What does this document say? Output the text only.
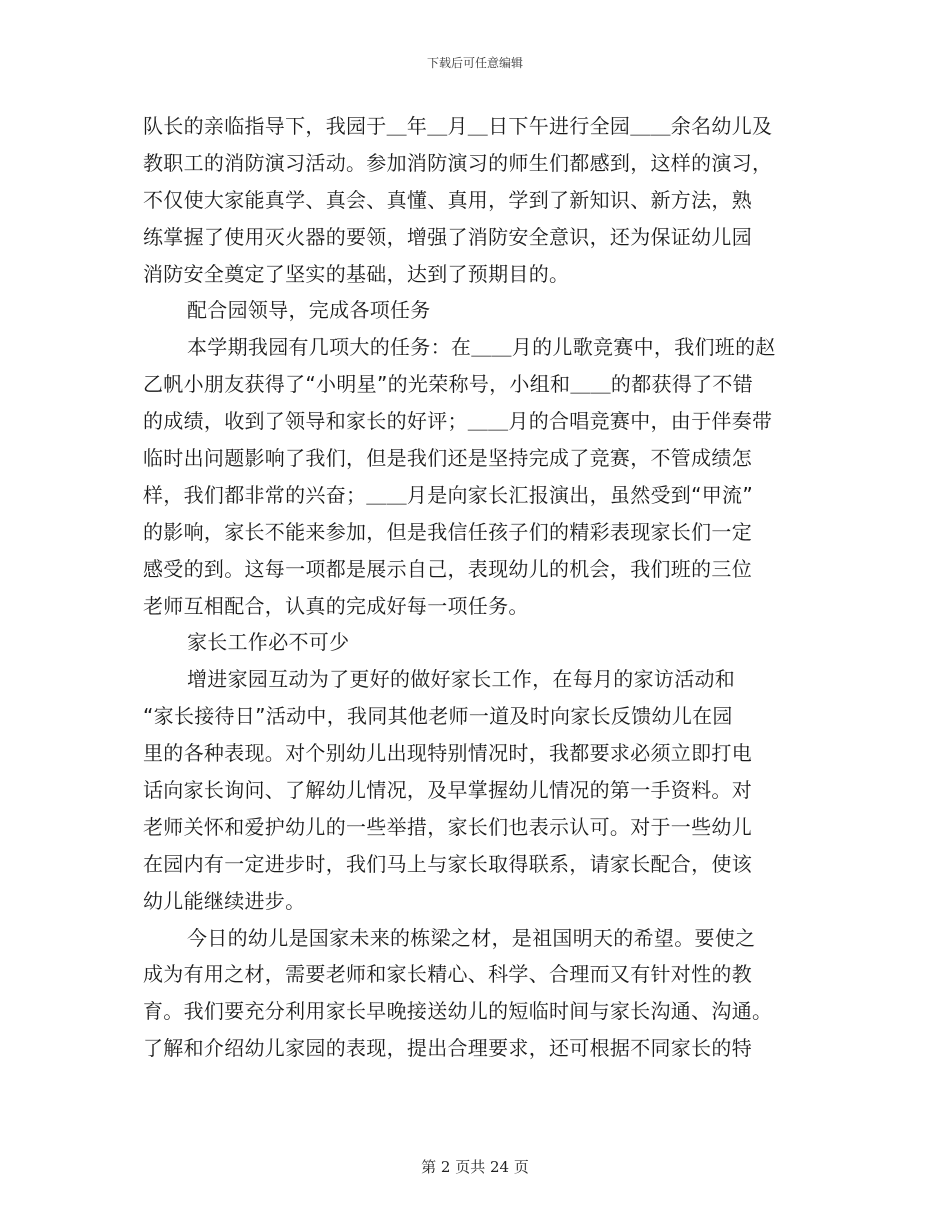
下载后可任意编辑
队长的亲临指导下，我园于＿年＿月＿日下午进行全园＿＿余名幼儿及
教职工的消防演习活动。参加消防演习的师生们都感到，这样的演习，
不仅使大家能真学、真会、真懂、真用，学到了新知识、新方法，熟
练掌握了使用灭火器的要领，增强了消防安全意识，还为保证幼儿园
消防安全奠定了坚实的基础，达到了预期目的。
配合园领导，完成各项任务
本学期我园有几项大的任务：在＿＿月的儿歌竞赛中，我们班的赵
乙帆小朋友获得了“小明星”的光荣称号，小组和＿＿的都获得了不错
的成绩，收到了领导和家长的好评；＿＿月的合唱竞赛中，由于伴奏带
临时出问题影响了我们，但是我们还是坚持完成了竞赛，不管成绩怎
样，我们都非常的兴奋；＿＿月是向家长汇报演出，虽然受到“甲流”
的影响，家长不能来参加，但是我信任孩子们的精彩表现家长们一定
感受的到。这每一项都是展示自己，表现幼儿的机会，我们班的三位
老师互相配合，认真的完成好每一项任务。
家长工作必不可少
增进家园互动为了更好的做好家长工作，在每月的家访活动和
“家长接待日”活动中，我同其他老师一道及时向家长反馈幼儿在园
里的各种表现。对个别幼儿出现特别情况时，我都要求必须立即打电
话向家长询问、了解幼儿情况，及早掌握幼儿情况的第一手资料。对
老师关怀和爱护幼儿的一些举措，家长们也表示认可。对于一些幼儿
在园内有一定进步时，我们马上与家长取得联系，请家长配合，使该
幼儿能继续进步。
今日的幼儿是国家未来的栋梁之材，是祖国明天的希望。要使之
成为有用之材，需要老师和家长精心、科学、合理而又有针对性的教
育。我们要充分利用家长早晚接送幼儿的短临时间与家长沟通、沟通。
了解和介绍幼儿家园的表现，提出合理要求，还可根据不同家长的特
第 2 页共 24 页
